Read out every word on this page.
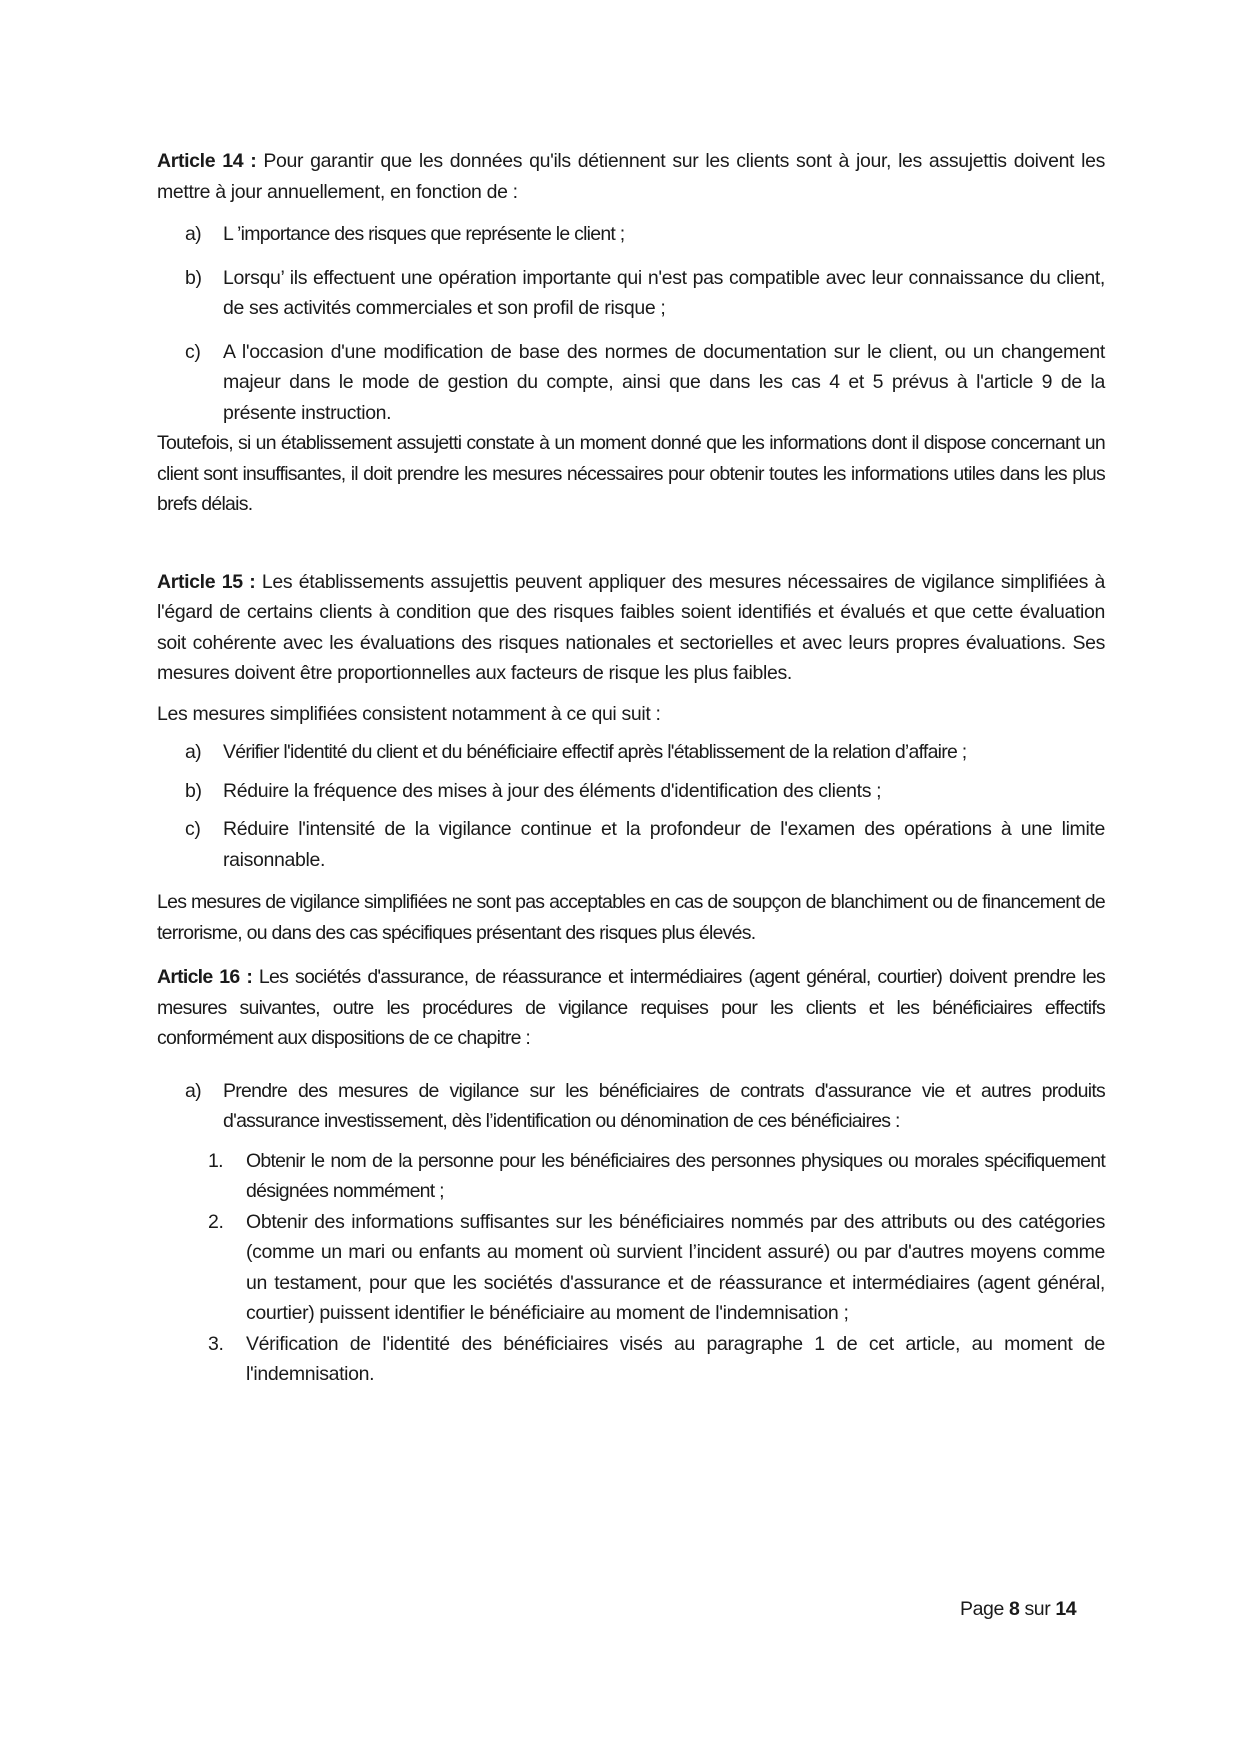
Article 14 : Pour garantir que les données qu'ils détiennent sur les clients sont à jour, les assujettis doivent les mettre à jour annuellement, en fonction de :

a) L ’importance des risques que représente le client ;
b) Lorsqu’ ils effectuent une opération importante qui n'est pas compatible avec leur connaissance du client, de ses activités commerciales et son profil de risque ;
c) A l'occasion d'une modification de base des normes de documentation sur le client, ou un changement majeur dans le mode de gestion du compte, ainsi que dans les cas 4 et 5 prévus à l'article 9 de la présente instruction.

Toutefois, si un établissement assujetti constate à un moment donné que les informations dont il dispose concernant un client sont insuffisantes, il doit prendre les mesures nécessaires pour obtenir toutes les informations utiles dans les plus brefs délais.

Article 15 : Les établissements assujettis peuvent appliquer des mesures nécessaires de vigilance simplifiées à l'égard de certains clients à condition que des risques faibles soient identifiés et évalués et que cette évaluation soit cohérente avec les évaluations des risques nationales et sectorielles et avec leurs propres évaluations. Ses mesures doivent être proportionnelles aux facteurs de risque les plus faibles.

Les mesures simplifiées consistent notamment à ce qui suit :

a) Vérifier l'identité du client et du bénéficiaire effectif après l'établissement de la relation d’affaire ;
b) Réduire la fréquence des mises à jour des éléments d'identification des clients ;
c) Réduire l'intensité de la vigilance continue et la profondeur de l'examen des opérations à une limite raisonnable.

Les mesures de vigilance simplifiées ne sont pas acceptables en cas de soupçon de blanchiment ou de financement de terrorisme, ou dans des cas spécifiques présentant des risques plus élevés.

Article 16 : Les sociétés d'assurance, de réassurance et intermédiaires (agent général, courtier) doivent prendre les mesures suivantes, outre les procédures de vigilance requises pour les clients et les bénéficiaires effectifs conformément aux dispositions de ce chapitre :

a) Prendre des mesures de vigilance sur les bénéficiaires de contrats d'assurance vie et autres produits d'assurance investissement, dès l’identification ou dénomination de ces bénéficiaires :
1. Obtenir le nom de la personne pour les bénéficiaires des personnes physiques ou morales spécifiquement désignées nommément ;
2. Obtenir des informations suffisantes sur les bénéficiaires nommés par des attributs ou des catégories (comme un mari ou enfants au moment où survient l’incident assuré) ou par d'autres moyens comme un testament, pour que les sociétés d'assurance et de réassurance et intermédiaires (agent général, courtier) puissent identifier le bénéficiaire au moment de l'indemnisation ;
3. Vérification de l'identité des bénéficiaires visés au paragraphe 1 de cet article, au moment de l'indemnisation.
Page 8 sur 14
